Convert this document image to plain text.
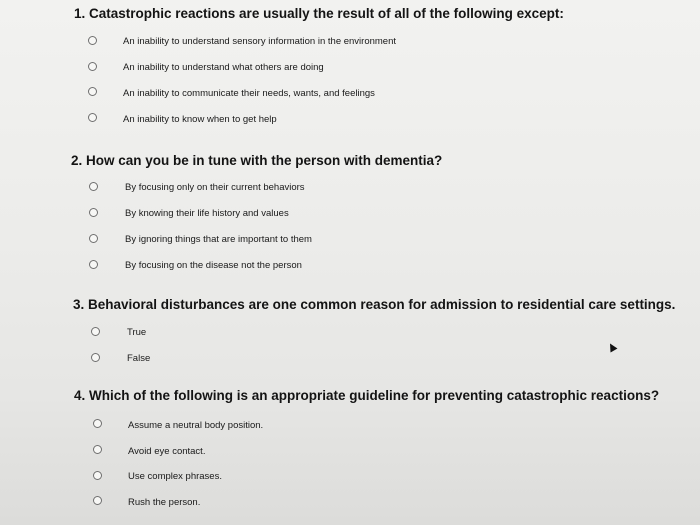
1. Catastrophic reactions are usually the result of all of the following except:
An inability to understand sensory information in the environment
An inability to understand what others are doing
An inability to communicate their needs, wants, and feelings
An inability to know when to get help
2. How can you be in tune with the person with dementia?
By focusing only on their current behaviors
By knowing their life history and values
By ignoring things that are important to them
By focusing on the disease not the person
3. Behavioral disturbances are one common reason for admission to residential care settings.
True
False
4. Which of the following is an appropriate guideline for preventing catastrophic reactions?
Assume a neutral body position.
Avoid eye contact.
Use complex phrases.
Rush the person.
